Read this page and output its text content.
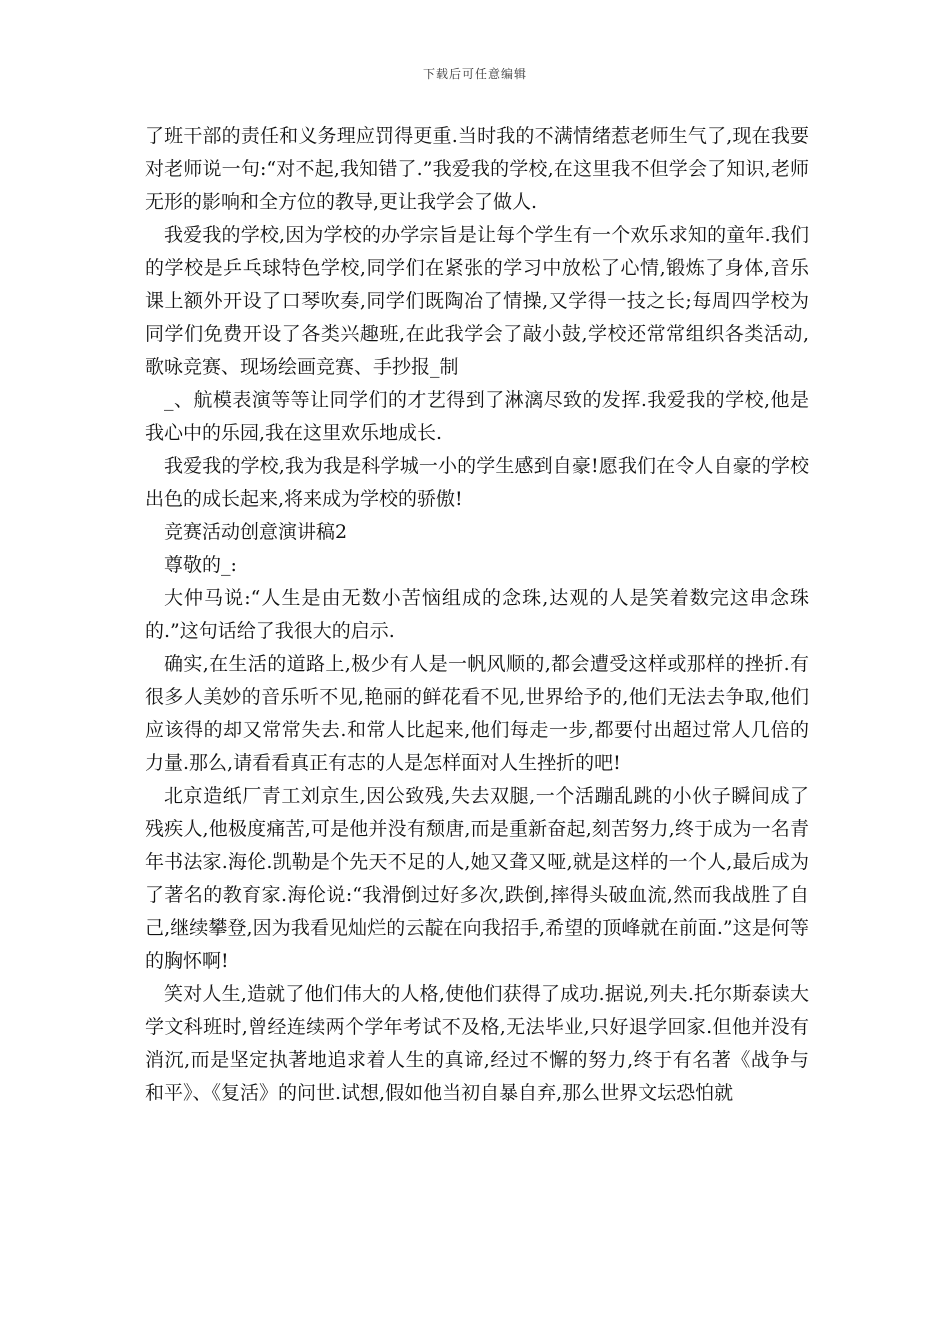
下载后可任意编辑

了班干部的责任和义务理应罚得更重.当时我的不满情绪惹老师生气了,现在我要对老师说一句:“对不起,我知错了.”我爱我的学校,在这里我不但学会了知识,老师无形的影响和全方位的教导,更让我学会了做人.

我爱我的学校,因为学校的办学宗旨是让每个学生有一个欢乐求知的童年.我们的学校是乒乓球特色学校,同学们在紧张的学习中放松了心情,锻炼了身体,音乐课上额外开设了口琴吹奏,同学们既陶冶了情操,又学得一技之长;每周四学校为同学们免费开设了各类兴趣班,在此我学会了敲小鼓,学校还常常组织各类活动,歌咏竞赛、现场绘画竞赛、手抄报_制

_、航模表演等等让同学们的才艺得到了淋漓尽致的发挥.我爱我的学校,他是我心中的乐园,我在这里欢乐地成长.

我爱我的学校,我为我是科学城一小的学生感到自豪!愿我们在令人自豪的学校出色的成长起来,将来成为学校的骄傲!

竞赛活动创意演讲稿2

尊敬的_:

大仲马说:“人生是由无数小苦恼组成的念珠,达观的人是笑着数完这串念珠的.”这句话给了我很大的启示.

确实,在生活的道路上,极少有人是一帆风顺的,都会遭受这样或那样的挫折.有很多人美妙的音乐听不见,艳丽的鲜花看不见,世界给予的,他们无法去争取,他们应该得的却又常常失去.和常人比起来,他们每走一步,都要付出超过常人几倍的力量.那么,请看看真正有志的人是怎样面对人生挫折的吧!

北京造纸厂青工刘京生,因公致残,失去双腿,一个活蹦乱跳的小伙子瞬间成了残疾人,他极度痛苦,可是他并没有颓唐,而是重新奋起,刻苦努力,终于成为一名青年书法家.海伦.凯勒是个先天不足的人,她又聋又哑,就是这样的一个人,最后成为了著名的教育家.海伦说:“我滑倒过好多次,跌倒,摔得头破血流,然而我战胜了自己,继续攀登,因为我看见灿烂的云靛在向我招手,希望的顶峰就在前面.”这是何等的胸怀啊!

笑对人生,造就了他们伟大的人格,使他们获得了成功.据说,列夫.托尔斯泰读大学文科班时,曾经连续两个学年考试不及格,无法毕业,只好退学回家.但他并没有消沉,而是坚定执著地追求着人生的真谛,经过不懈的努力,终于有名著《战争与和平》、《复活》的问世.试想,假如他当初自暴自弃,那么世界文坛恐怕就
